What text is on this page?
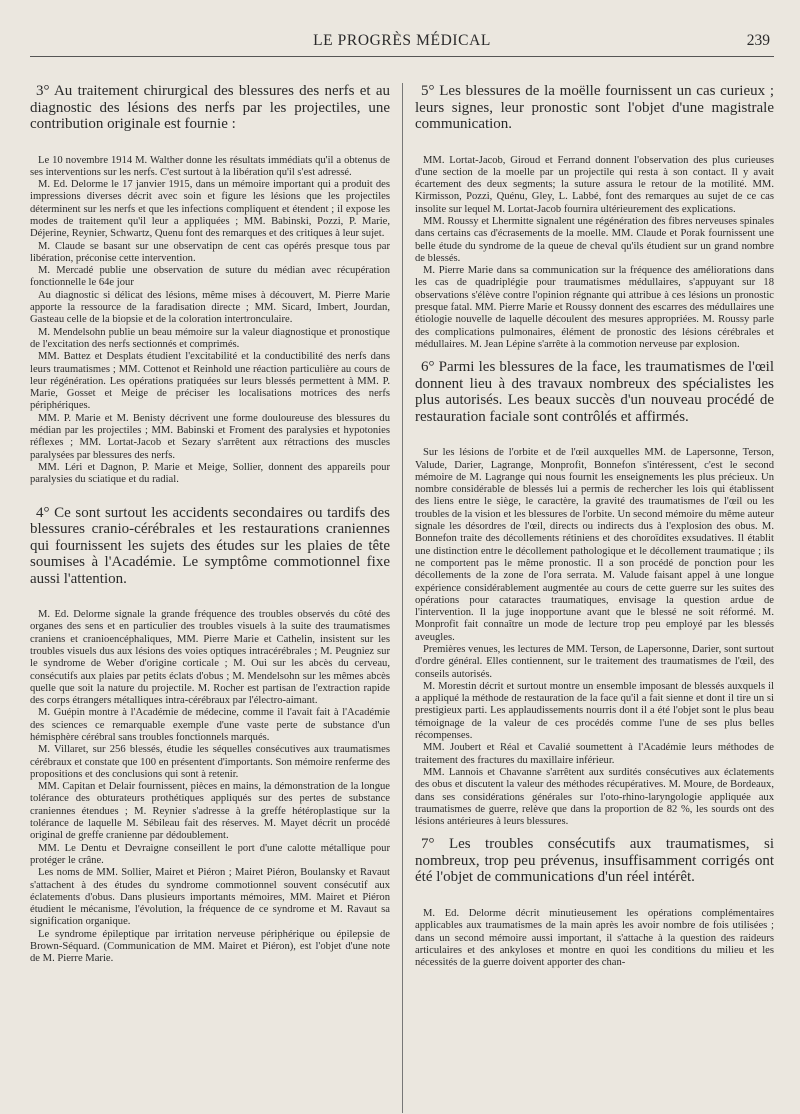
LE PROGRÈS MÉDICAL	239

3° Au traitement chirurgical des blessures des nerfs et au diagnostic des lésions des nerfs par les projectiles, une contribution originale est fournie :

Le 10 novembre 1914 M. Walther donne les résultats immédiats qu'il a obtenus de ses interventions sur les nerfs. C'est surtout à la libération qu'il s'est adressé.

M. Ed. Delorme le 17 janvier 1915, dans un mémoire important qui a produit des impressions diverses décrit avec soin et figure les lésions que les projectiles déterminent sur les nerfs et que les infections compliquent et étendent ; il expose les modes de traitement qu'il leur a appliquées ; MM. Babinski, Pozzi, P. Marie, Déjerine, Reynier, Schwartz, Quenu font des remarques et des critiques à leur sujet.

M. Claude se basant sur une observatipn de cent cas opérés presque tous par libération, préconise cette intervention.

M. Mercadé publie une observation de suture du médian avec récupération fonctionnelle le 64e jour

Au diagnostic si délicat des lésions, même mises à découvert, M. Pierre Marie apporte la ressource de la faradisation directe ; MM. Sicard, Imbert, Jourdan, Gasteau celle de la biopsie et de la coloration intertronculaire.

M. Mendelsohn publie un beau mémoire sur la valeur diagnostique et pronostique de l'excitation des nerfs sectionnés et comprimés.

MM. Battez et Desplats étudient l'excitabilité et la conductibilité des nerfs dans leurs traumatismes ; MM. Cottenot et Reinhold une réaction particulière au cours de leur régénération. Les opérations pratiquées sur leurs blessés permettent à MM. P. Marie, Gosset et Meige de préciser les localisations motrices des nerfs périphériques.

MM. P. Marie et M. Benisty décrivent une forme douloureuse des blessures du médian par les projectiles ; MM. Babinski et Froment des paralysies et hypotonies réflexes ; MM. Lortat-Jacob et Sezary s'arrêtent aux rétractions des muscles paralysées par blessures des nerfs.

MM. Léri et Dagnon, P. Marie et Meige, Sollier, donnent des appareils pour paralysies du sciatique et du radial.

4° Ce sont surtout les accidents secondaires ou tardifs des blessures cranio-cérébrales et les restaurations craniennes qui fournissent les sujets des études sur les plaies de tête soumises à l'Académie. Le symptôme commotionnel fixe aussi l'attention.

M. Ed. Delorme signale la grande fréquence des troubles observés du côté des organes des sens et en particulier des troubles visuels à la suite des traumatismes craniens et cranioencéphaliques, MM. Pierre Marie et Cathelin, insistent sur les troubles visuels dus aux lésions des voies optiques intracérébrales ; M. Peugniez sur le syndrome de Weber d'origine corticale ; M. Oui sur les abcès du cerveau, consécutifs aux plaies par petits éclats d'obus ; M. Mendelsohn sur les mêmes abcès quelle que soit la nature du projectile. M. Rocher est partisan de l'extraction rapide des corps étrangers métalliques intra-cérébraux par l'électro-aimant.

M. Guépin montre à l'Académie de médecine, comme il l'avait fait à l'Académie des sciences ce remarquable exemple d'une vaste perte de substance d'un hémisphère cérébral sans troubles fonctionnels marqués.

M. Villaret, sur 256 blessés, étudie les séquelles consécutives aux traumatismes cérébraux et constate que 100 en présentent d'importants. Son mémoire renferme des propositions et des conclusions qui sont à retenir.

MM. Capitan et Delair fournissent, pièces en mains, la démonstration de la longue tolérance des obturateurs prothétiques appliqués sur des pertes de substance craniennes étendues ; M. Reynier s'adresse à la greffe hétéroplastique sur la tolérance de laquelle M. Sébileau fait des réserves. M. Mayet décrit un procédé original de greffe cranienne par dédoublement.

MM. Le Dentu et Devraigne conseillent le port d'une calotte métallique pour protéger le crâne.

Les noms de MM. Sollier, Mairet et Piéron ; Mairet Piéron, Boulansky et Ravaut s'attachent à des études du syndrome commotionnel souvent consécutif aux éclatements d'obus. Dans plusieurs importants mémoires, MM. Mairet et Piéron étudient le mécanisme, l'évolution, la fréquence de ce syndrome et M. Ravaut sa signification organique.

Le syndrome épileptique par irritation nerveuse périphérique ou épilepsie de Brown-Séquard. (Communication de MM. Mairet et Piéron), est l'objet d'une note de M. Pierre Marie.

5° Les blessures de la moëlle fournissent un cas curieux ; leurs signes, leur pronostic sont l'objet d'une magistrale communication.

MM. Lortat-Jacob, Giroud et Ferrand donnent l'observation des plus curieuses d'une section de la moelle par un projectile qui resta à son contact. Il y avait écartement des deux segments; la suture assura le retour de la motilité. MM. Kirmisson, Pozzi, Quénu, Gley, L. Labbé, font des remarques au sujet de ce cas insolite sur lequel M. Lortat-Jacob fournira ultérieurement des explications.

MM. Roussy et Lhermitte signalent une régénération des fibres nerveuses spinales dans certains cas d'écrasements de la moelle. MM. Claude et Porak fournissent une belle étude du syndrome de la queue de cheval qu'ils étudient sur un grand nombre de blessés.

M. Pierre Marie dans sa communication sur la fréquence des améliorations dans les cas de quadriplégie pour traumatismes médullaires, s'appuyant sur 18 observations s'élève contre l'opinion régnante qui attribue à ces lésions un pronostic presque fatal. MM. Pierre Marie et Roussy donnent des escarres des médullaires une étiologie nouvelle de laquelle découlent des mesures appropriées. M. Roussy parle des complications pulmonaires, élément de pronostic des lésions cérébrales et médullaires. M. Jean Lépine s'arrête à la commotion nerveuse par explosion.

6° Parmi les blessures de la face, les traumatismes de l'œil donnent lieu à des travaux nombreux des spécialistes les plus autorisés. Les beaux succès d'un nouveau procédé de restauration faciale sont contrôlés et affirmés.

Sur les lésions de l'orbite et de l'œil auxquelles MM. de Lapersonne, Terson, Valude, Darier, Lagrange, Monprofit, Bonnefon s'intéressent, c'est le second mémoire de M. Lagrange qui nous fournit les enseignements les plus précieux. Un nombre considérable de blessés lui a permis de rechercher les lois qui établissent des liens entre le siège, le caractère, la gravité des traumatismes de l'œil ou les troubles de la vision et les blessures de l'orbite. Un second mémoire du même auteur signale les désordres de l'œil, directs ou indirects dus à l'explosion des obus. M. Bonnefon traite des décollements rétiniens et des choroïdites exsudatives. Il établit une distinction entre le décollement pathologique et le décollement traumatique ; ils ne comportent pas le même pronostic. Il a son procédé de ponction pour les décollements de la zone de l'ora serrata. M. Valude faisant appel à une longue expérience considérablement augmentée au cours de cette guerre sur les suites des opérations pour cataractes traumatiques, envisage la question ardue de l'intervention. Il la juge inopportune avant que le blessé ne soit réformé. M. Monprofit fait connaître un mode de lecture trop peu employé par les blessés aveugles.

Premières venues, les lectures de MM. Terson, de Lapersonne, Darier, sont surtout d'ordre général. Elles contiennent, sur le traitement des traumatismes de l'œil, des conseils autorisés.

M. Morestin décrit et surtout montre un ensemble imposant de blessés auxquels il a appliqué la méthode de restauration de la face qu'il a fait sienne et dont il tire un si prestigieux parti. Les applaudissements nourris dont il a été l'objet sont le plus beau témoignage de la valeur de ces procédés comme l'une de ses plus belles récompenses.

MM. Joubert et Réal et Cavalié soumettent à l'Académie leurs méthodes de traitement des fractures du maxillaire inférieur.

MM. Lannois et Chavanne s'arrêtent aux surdités consécutives aux éclatements des obus et discutent la valeur des méthodes récupératives. M. Moure, de Bordeaux, dans ses considérations générales sur l'oto-rhino-laryngologie appliquée aux traumatismes de guerre, relève que dans la proportion de 82 %, les sourds ont des lésions antérieures à leurs blessures.

7° Les troubles consécutifs aux traumatismes, si nombreux, trop peu prévenus, insuffisamment corrigés ont été l'objet de communications d'un réel intérêt.

M. Ed. Delorme décrit minutieusement les opérations complémentaires applicables aux traumatismes de la main après les avoir nombre de fois utilisées ; dans un second mémoire aussi important, il s'attache à la question des raideurs articulaires et des ankyloses et montre en quoi les conditions du milieu et les nécessités de la guerre doivent apporter des chan-
